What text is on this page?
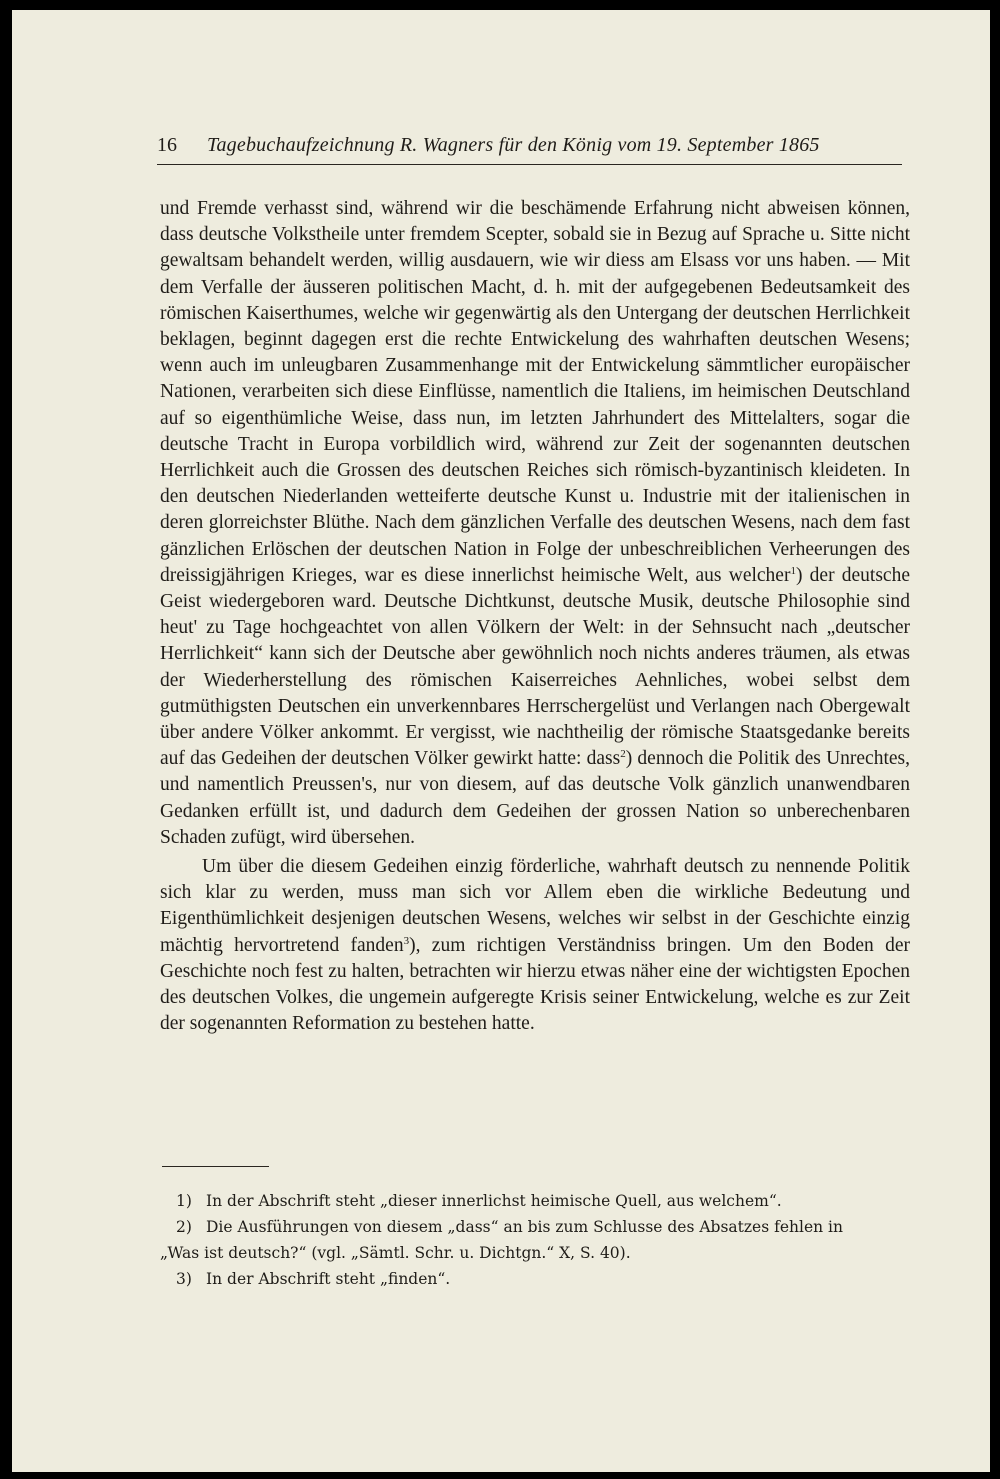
16 Tagebuchaufzeichnung R. Wagners für den König vom 19. September 1865

und Fremde verhasst sind, während wir die beschämende Erfahrung nicht abweisen können, dass deutsche Volkstheile unter fremdem Scepter, sobald sie in Bezug auf Sprache u. Sitte nicht gewaltsam behandelt werden, willig ausdauern, wie wir diess am Elsass vor uns haben. — Mit dem Verfalle der äusseren politischen Macht, d. h. mit der aufgegebenen Bedeutsamkeit des römischen Kaiserthumes, welche wir gegenwärtig als den Untergang der deutschen Herrlichkeit beklagen, beginnt dagegen erst die rechte Entwickelung des wahrhaften deutschen Wesens; wenn auch im unleugbaren Zusammenhange mit der Entwickelung sämmtlicher europäischer Nationen, verarbeiten sich diese Einflüsse, namentlich die Italiens, im heimischen Deutschland auf so eigenthümliche Weise, dass nun, im letzten Jahrhundert des Mittelalters, sogar die deutsche Tracht in Europa vorbildlich wird, während zur Zeit der sogenannten deutschen Herrlichkeit auch die Grossen des deutschen Reiches sich römisch-byzantinisch kleideten. In den deutschen Niederlanden wetteiferte deutsche Kunst u. Industrie mit der italienischen in deren glorreichster Blüthe. Nach dem gänzlichen Verfalle des deutschen Wesens, nach dem fast gänzlichen Erlöschen der deutschen Nation in Folge der unbeschreiblichen Verheerungen des dreissigjährigen Krieges, war es diese innerlichst heimische Welt, aus welcher$^1$) der deutsche Geist wiedergeboren ward. Deutsche Dichtkunst, deutsche Musik, deutsche Philosophie sind heut' zu Tage hochgeachtet von allen Völkern der Welt: in der Sehnsucht nach „deutscher Herrlichkeit“ kann sich der Deutsche aber gewöhnlich noch nichts anderes träumen, als etwas der Wiederherstellung des römischen Kaiserreiches Aehnliches, wobei selbst dem gutmüthigsten Deutschen ein unverkennbares Herrschergelüst und Verlangen nach Obergewalt über andere Völker ankommt. Er vergisst, wie nachtheilig der römische Staatsgedanke bereits auf das Gedeihen der deutschen Völker gewirkt hatte: dass$^2$) dennoch die Politik des Unrechtes, und namentlich Preussen's, nur von diesem, auf das deutsche Volk gänzlich unanwendbaren Gedanken erfüllt ist, und dadurch dem Gedeihen der grossen Nation so unberechenbaren Schaden zufügt, wird übersehen.

Um über die diesem Gedeihen einzig förderliche, wahrhaft deutsch zu nennende Politik sich klar zu werden, muss man sich vor Allem eben die wirkliche Bedeutung und Eigenthümlichkeit desjenigen deutschen Wesens, welches wir selbst in der Geschichte einzig mächtig hervortretend fanden$^3$), zum richtigen Verständniss bringen. Um den Boden der Geschichte noch fest zu halten, betrachten wir hierzu etwas näher eine der wichtigsten Epochen des deutschen Volkes, die ungemein aufgeregte Krisis seiner Entwickelung, welche es zur Zeit der sogenannten Reformation zu bestehen hatte.

1) In der Abschrift steht „dieser innerlichst heimische Quell, aus welchem“.

2) Die Ausführungen von diesem „dass“ an bis zum Schlusse des Absatzes fehlen in

„Was ist deutsch?“ (vgl. „Sämtl. Schr. u. Dichtgn.“ X, S. 40).

3) In der Abschrift steht „finden“.
